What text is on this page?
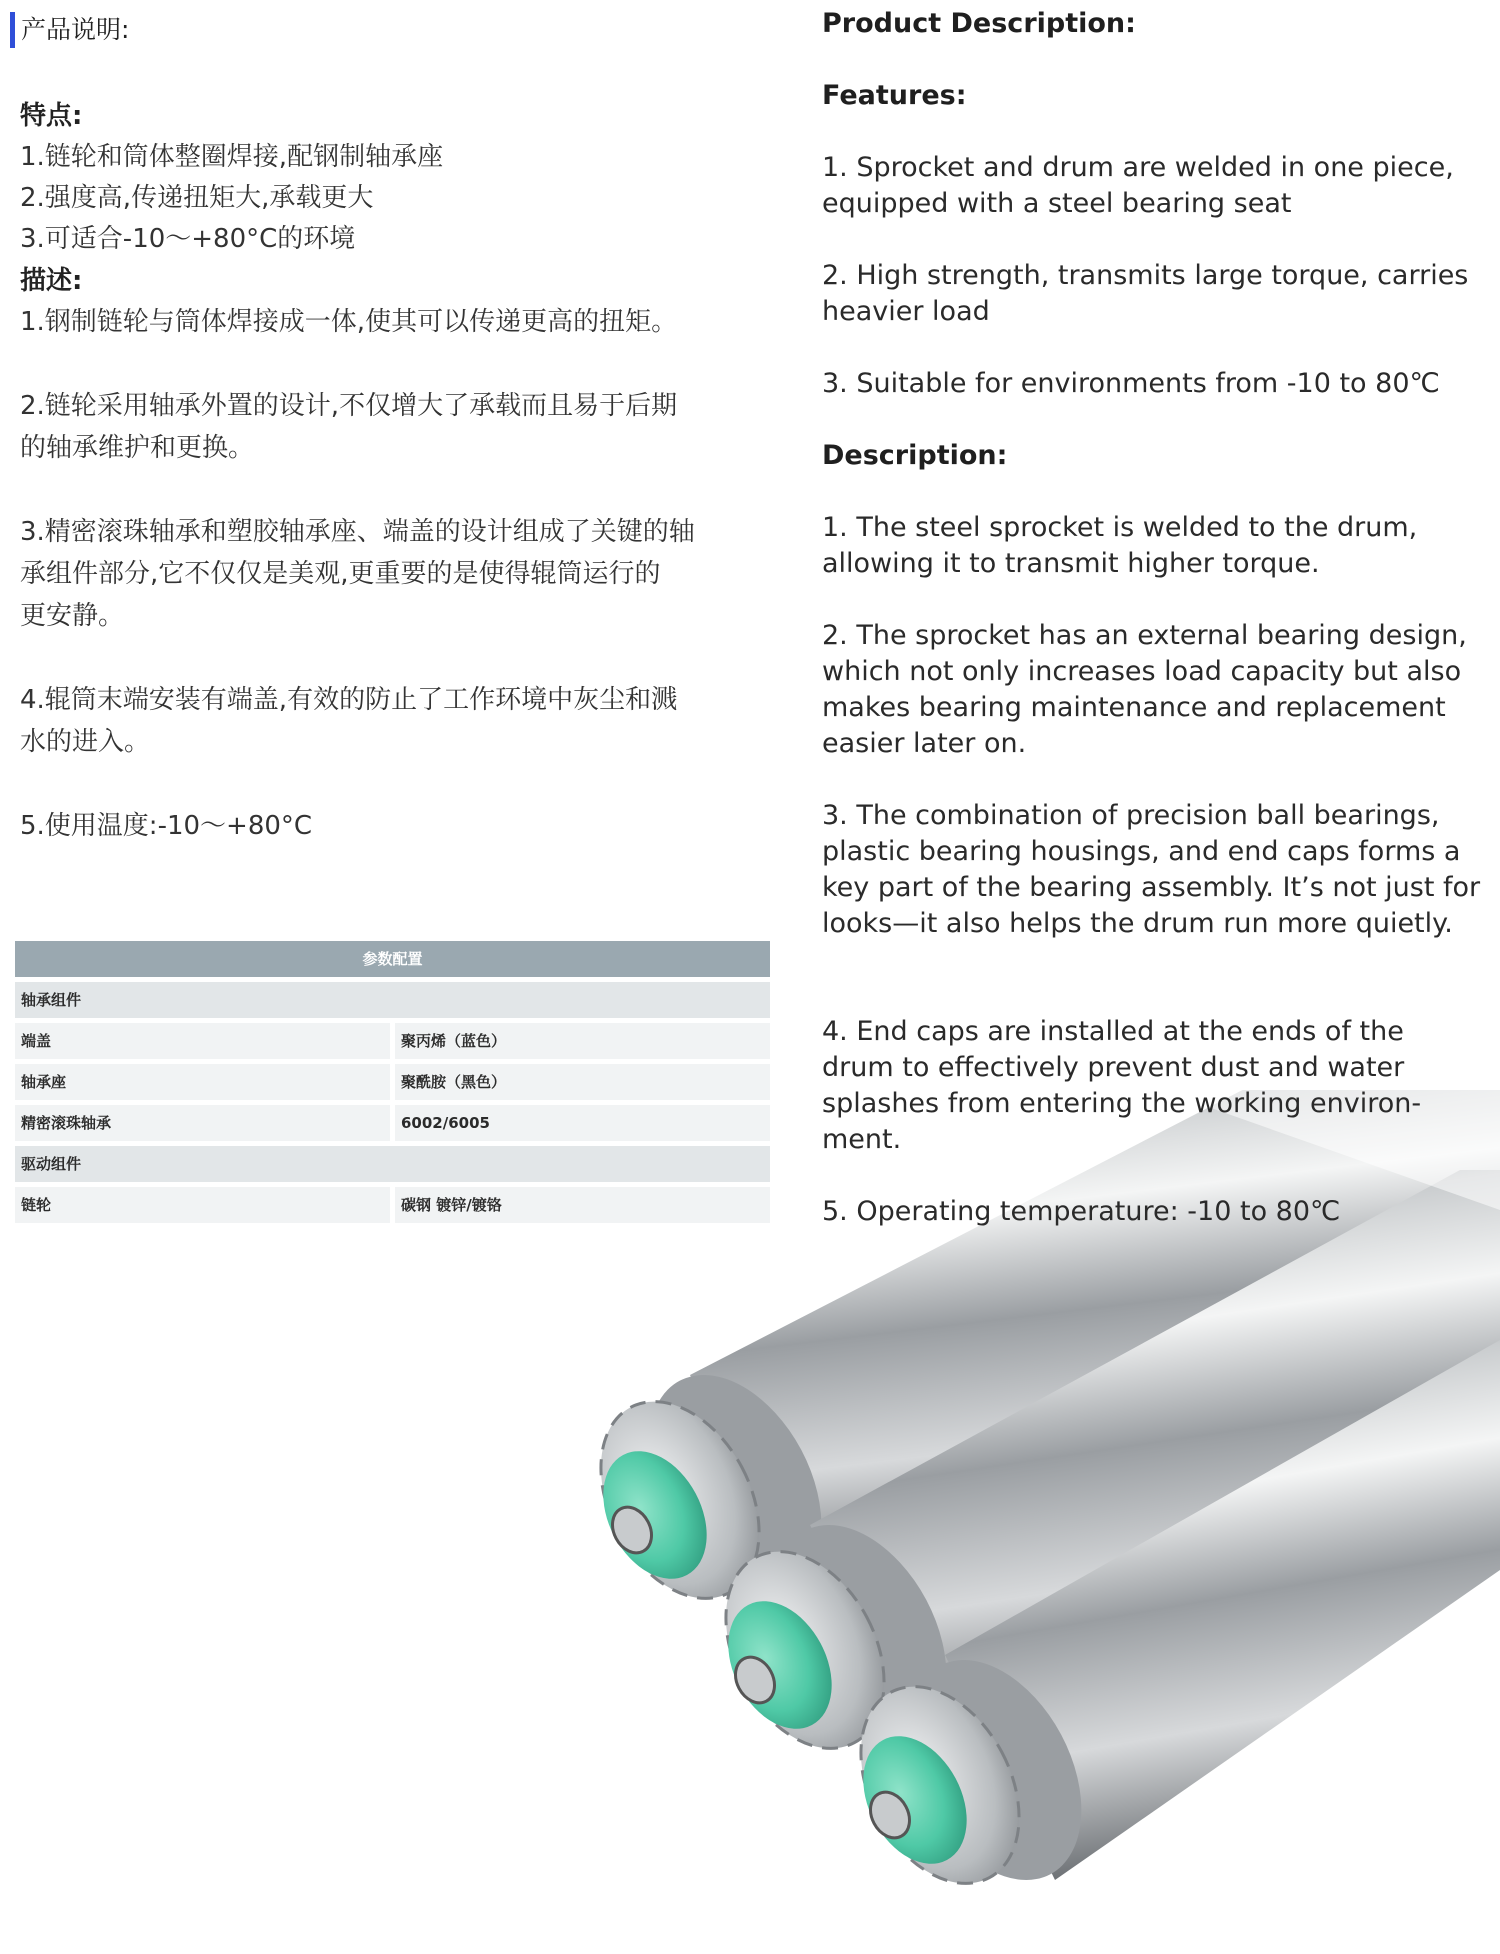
产品说明:
特点:
1.链轮和筒体整圈焊接,配钢制轴承座
2.强度高,传递扭矩大,承载更大
3.可适合-10～+80°C的环境
描述:
1.钢制链轮与筒体焊接成一体,使其可以传递更高的扭矩。
2.链轮采用轴承外置的设计,不仅增大了承载而且易于后期
的轴承维护和更换。
3.精密滚珠轴承和塑胶轴承座、端盖的设计组成了关键的轴
承组件部分,它不仅仅是美观,更重要的是使得辊筒运行的
更安静。
4.辊筒末端安装有端盖,有效的防止了工作环境中灰尘和溅
水的进入。
5.使用温度:-10～+80°C
参数配置
轴承组件
端盖	聚丙烯（蓝色）
轴承座	聚酰胺（黑色）
精密滚珠轴承	6002/6005
驱动组件
链轮	碳钢 镀锌/镀铬
Product Description:
Features:
1. Sprocket and drum are welded in one piece, equipped with a steel bearing seat
2. High strength, transmits large torque, carries heavier load
3. Suitable for environments from -10 to 80℃
Description:
1. The steel sprocket is welded to the drum, allowing it to transmit higher torque.
2. The sprocket has an external bearing design, which not only increases load capacity but also makes bearing maintenance and replacement easier later on.
3. The combination of precision ball bearings, plastic bearing housings, and end caps forms a key part of the bearing assembly. It’s not just for looks—it also helps the drum run more quietly.
4. End caps are installed at the ends of the drum to effectively prevent dust and water splashes from entering the working environ-ment.
5. Operating temperature: -10 to 80℃
